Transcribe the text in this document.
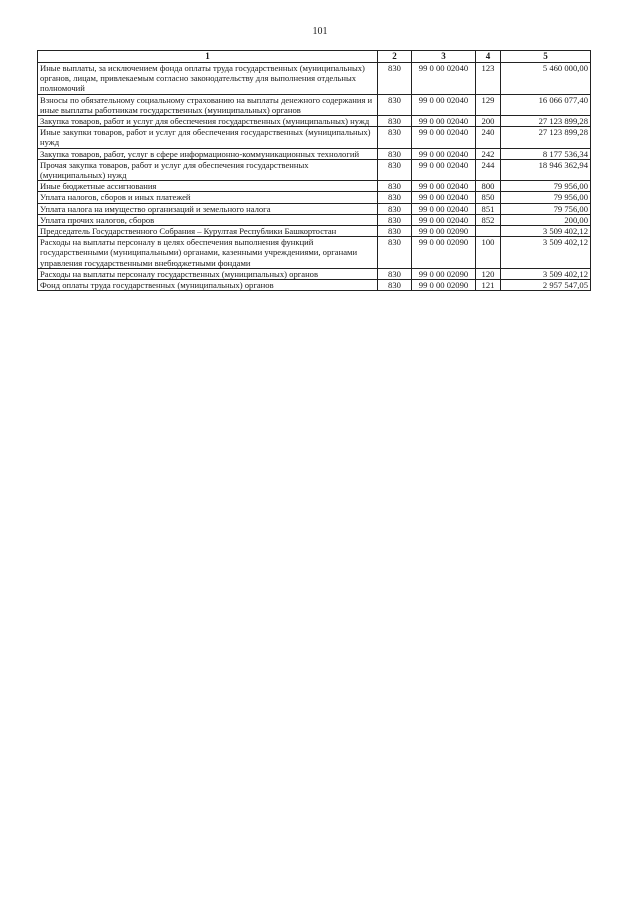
101
1	2	3	4	5
Иные выплаты, за исключением фонда оплаты труда государственных (муниципальных) органов, лицам, привлекаемым согласно законодательству для выполнения отдельных полномочий	830	99 0 00 02040	123	5 460 000,00
Взносы по обязательному социальному страхованию на выплаты денежного содержания и иные выплаты работникам государственных (муниципальных) органов	830	99 0 00 02040	129	16 066 077,40
Закупка товаров, работ и услуг для обеспечения государственных (муниципальных) нужд	830	99 0 00 02040	200	27 123 899,28
Иные закупки товаров, работ и услуг для обеспечения государственных (муниципальных) нужд	830	99 0 00 02040	240	27 123 899,28
Закупка товаров, работ, услуг в сфере информационно-коммуникационных технологий	830	99 0 00 02040	242	8 177 536,34
Прочая закупка товаров, работ и услуг для обеспечения государственных (муниципальных) нужд	830	99 0 00 02040	244	18 946 362,94
Иные бюджетные ассигнования	830	99 0 00 02040	800	79 956,00
Уплата налогов, сборов и иных платежей	830	99 0 00 02040	850	79 956,00
Уплата налога на имущество организаций и земельного налога	830	99 0 00 02040	851	79 756,00
Уплата прочих налогов, сборов	830	99 0 00 02040	852	200,00
Председатель Государственного Собрания – Курултая Республики Башкортостан	830	99 0 00 02090		3 509 402,12
Расходы на выплаты персоналу в целях обеспечения выполнения функций государственными (муниципальными) органами, казенными учреждениями, органами управления государственными внебюджетными фондами	830	99 0 00 02090	100	3 509 402,12
Расходы на выплаты персоналу государственных (муниципальных) органов	830	99 0 00 02090	120	3 509 402,12
Фонд оплаты труда государственных (муниципальных) органов	830	99 0 00 02090	121	2 957 547,05
